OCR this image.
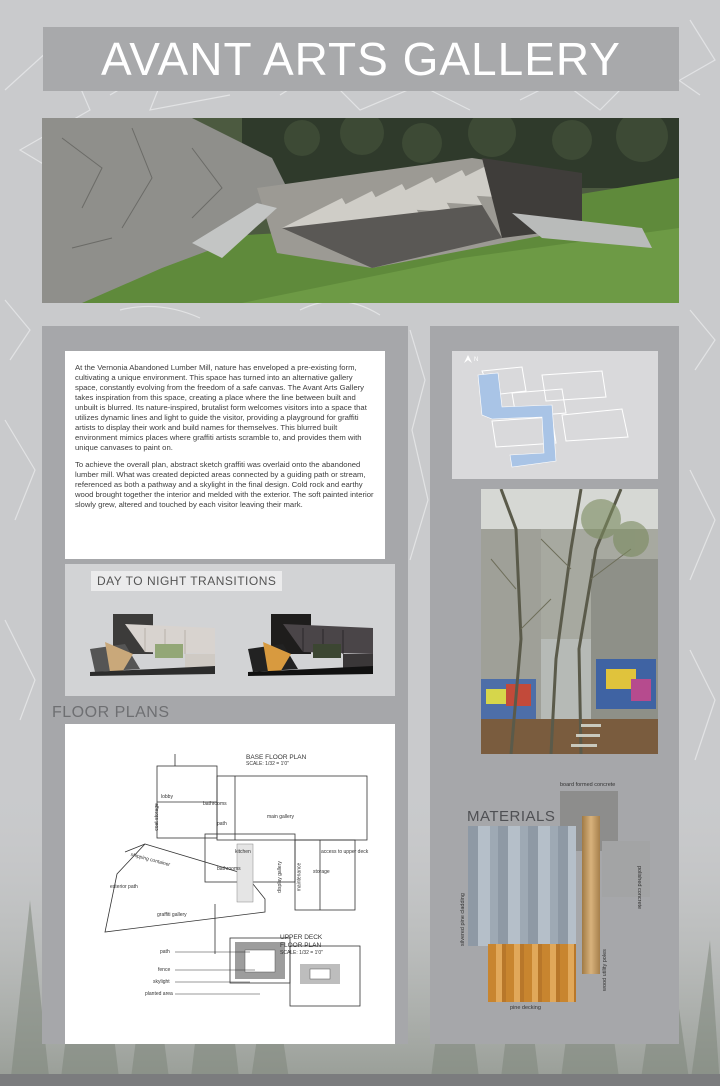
AVANT ARTS GALLERY

At the Vernonia Abandoned Lumber Mill, nature has enveloped a pre-existing form, cultivating a unique environment. This space has turned into an alternative gallery space, constantly evolving from the freedom of a safe canvas. The Avant Arts Gallery takes inspiration from this space, creating a place where the line between built and unbuilt is blurred. Its nature-inspired, brutalist form welcomes visitors into a space that utilizes dynamic lines and light to guide the visitor, providing a playground for graffiti artists to display their work and build names for themselves. This blurred built environment mimics places where graffiti artists scramble to, and provides them with unique canvases to paint on.

To achieve the overall plan, abstract sketch graffiti was overlaid onto the abandoned lumber mill. What was created depicted areas connected by a guiding path or stream, referenced as both a pathway and a skylight in the final design. Cold rock and earthy wood brought together the interior and melded with the exterior. The soft painted interior slowly grew, altered and touched by each visitor leaving their mark.

DAY TO NIGHT TRANSITIONS
FLOOR PLANS
BASE FLOOR PLAN
SCALE: 1/32 = 1'0"
lobby
bathrooms
coat storage	path
main gallery
kitchen
bathrooms
access to upper deck
display gallery	maintenance storage
shipping container
exterior path
graffiti gallery
UPPER DECK
FLOOR PLAN
SCALE: 1/32 = 1'0"
path
fence
skylight
planted area
N
MATERIALS
board formed concrete
polished concrete
silvered pine cladding
wood utility poles
pine decking
